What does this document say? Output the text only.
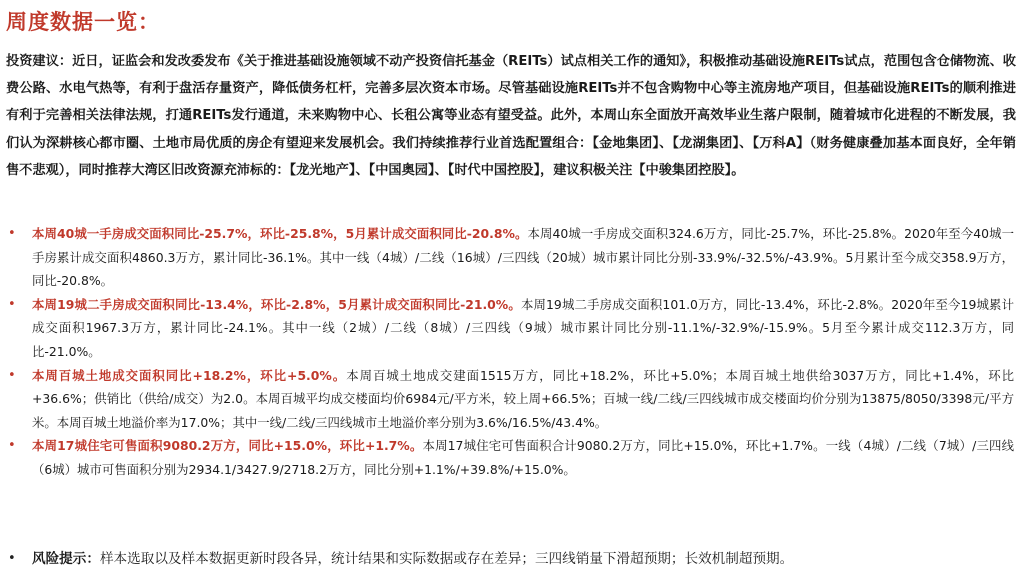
周度数据一览：
投资建议：近日，证监会和发改委发布《关于推进基础设施领域不动产投资信托基金（REITs）试点相关工作的通知》，积极推动基础设施REITs试点，范围包含仓储物流、收费公路、水电气热等，有利于盘活存量资产，降低债务杠杆，完善多层次资本市场。尽管基础设施REITs并不包含购物中心等主流房地产项目，但基础设施REITs的顺利推进有利于完善相关法律法规，打通REITs发行通道，未来购物中心、长租公寓等业态有望受益。此外，本周山东全面放开高效毕业生落户限制，随着城市化进程的不断发展，我们认为深耕核心都市圈、土地市局优质的房企有望迎来发展机会。我们持续推荐行业首选配置组合：【金地集团】、【龙湖集团】、【万科A】（财务健康叠加基本面良好，全年销售不悲观），同时推荐大湾区旧改资源充沛标的：【龙光地产】、【中国奥园】、【时代中国控股】，建议积极关注【中骏集团控股】。
• 本周40城一手房成交面积同比-25.7%，环比-25.8%，5月累计成交面积同比-20.8%。本周40城一手房成交面积324.6万方，同比-25.7%，环比-25.8%。2020年至今40城一手房累计成交面积4860.3万方，累计同比-36.1%。其中一线（4城）/二线（16城）/三四线（20城）城市累计同比分别-33.9%/-32.5%/-43.9%。5月累计至今成交358.9万方，同比-20.8%。
• 本周19城二手房成交面积同比-13.4%，环比-2.8%，5月累计成交面积同比-21.0%。本周19城二手房成交面积101.0万方，同比-13.4%，环比-2.8%。2020年至今19城累计成交面积1967.3万方，累计同比-24.1%。其中一线（2城）/二线（8城）/三四线（9城）城市累计同比分别-11.1%/-32.9%/-15.9%。5月至今累计成交112.3万方，同比-21.0%。
• 本周百城土地成交面积同比+18.2%，环比+5.0%。本周百城土地成交建面1515万方，同比+18.2%，环比+5.0%；本周百城土地供给3037万方，同比+1.4%，环比+36.6%；供销比（供给/成交）为2.0。本周百城平均成交楼面均价6984元/平方米，较上周+66.5%；百城一线/二线/三四线城市成交楼面均价分别为13875/8050/3398元/平方米。本周百城土地溢价率为17.0%；其中一线/二线/三四线城市土地溢价率分别为3.6%/16.5%/43.4%。
• 本周17城住宅可售面积9080.2万方，同比+15.0%，环比+1.7%。本周17城住宅可售面积合计9080.2万方，同比+15.0%，环比+1.7%。一线（4城）/二线（7城）/三四线（6城）城市可售面积分别为2934.1/3427.9/2718.2万方，同比分别+1.1%/+39.8%/+15.0%。
• 风险提示：样本选取以及样本数据更新时段各异，统计结果和实际数据或存在差异；三四线销量下滑超预期；长效机制超预期。
